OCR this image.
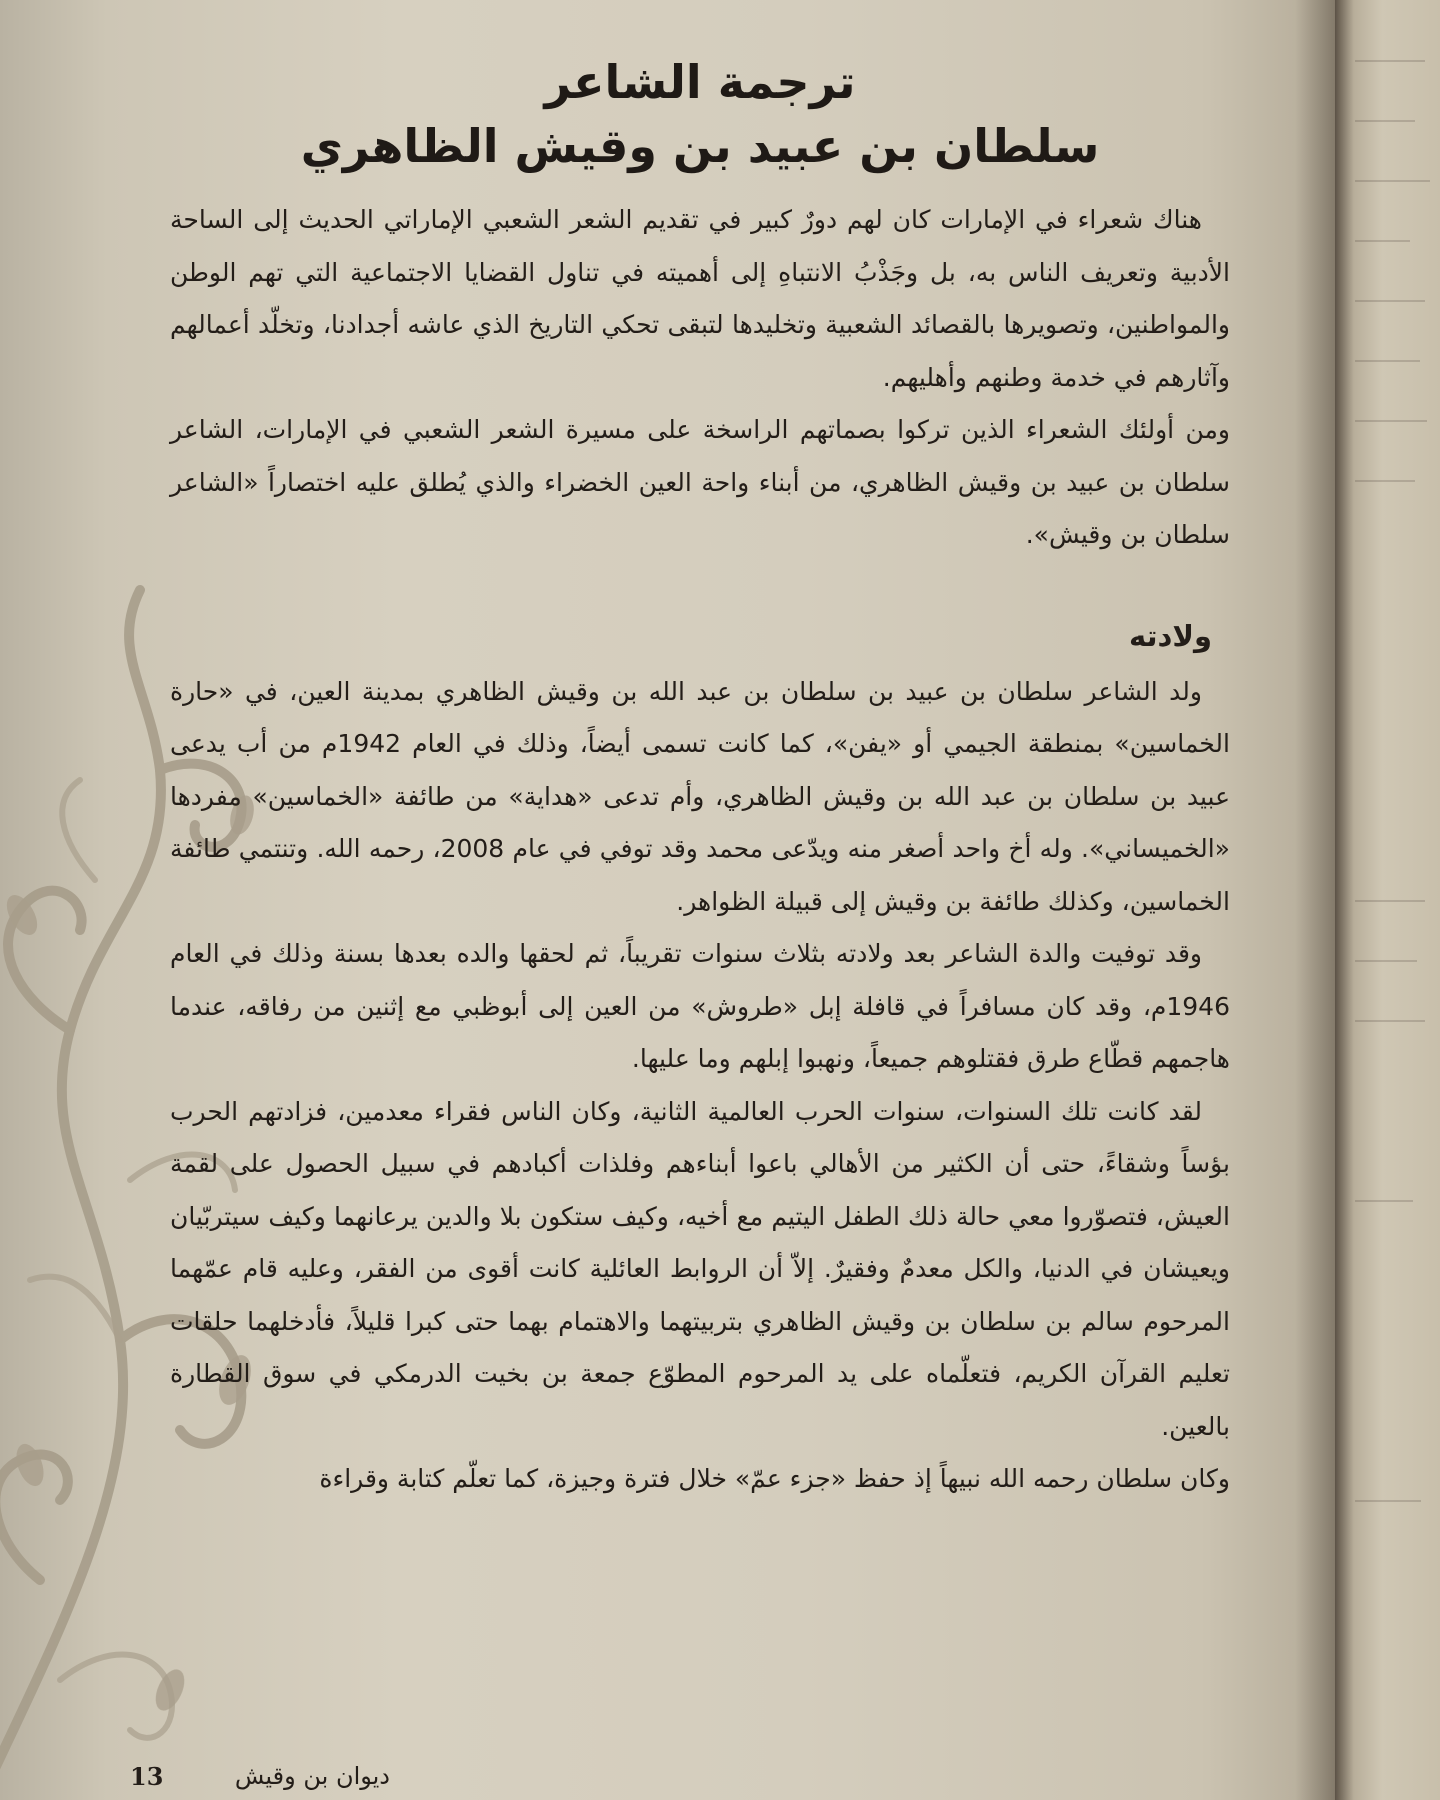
ترجمة الشاعر
سلطان بن عبيد بن وقيش الظاهري

هناك شعراء في الإمارات كان لهم دورٌ كبير في تقديم الشعر الشعبي الإماراتي الحديث إلى الساحة الأدبية وتعريف الناس به، بل وجَذْبُ الانتباهِ إلى أهميته في تناول القضايا الاجتماعية التي تهم الوطن والمواطنين، وتصويرها بالقصائد الشعبية وتخليدها لتبقى تحكي التاريخ الذي عاشه أجدادنا، وتخلّد أعمالهم وآثارهم في خدمة وطنهم وأهليهم.

ومن أولئك الشعراء الذين تركوا بصماتهم الراسخة على مسيرة الشعر الشعبي في الإمارات، الشاعر سلطان بن عبيد بن وقيش الظاهري، من أبناء واحة العين الخضراء والذي يُطلق عليه اختصاراً «الشاعر سلطان بن وقيش».

ولادته

ولد الشاعر سلطان بن عبيد بن سلطان بن عبد الله بن وقيش الظاهري بمدينة العين، في «حارة الخماسين» بمنطقة الجيمي أو «يفن»، كما كانت تسمى أيضاً، وذلك في العام 1942م من أب يدعى عبيد بن سلطان بن عبد الله بن وقيش الظاهري، وأم تدعى «هداية» من طائفة «الخماسين» مفردها «الخميساني». وله أخ واحد أصغر منه ويدّعى محمد وقد توفي في عام 2008، رحمه الله. وتنتمي طائفة الخماسين، وكذلك طائفة بن وقيش إلى قبيلة الظواهر.

وقد توفيت والدة الشاعر بعد ولادته بثلاث سنوات تقريباً، ثم لحقها والده بعدها بسنة وذلك في العام 1946م، وقد كان مسافراً في قافلة إبل «طروش» من العين إلى أبوظبي مع إثنين من رفاقه، عندما هاجمهم قطّاع طرق فقتلوهم جميعاً، ونهبوا إبلهم وما عليها.

لقد كانت تلك السنوات، سنوات الحرب العالمية الثانية، وكان الناس فقراء معدمين، فزادتهم الحرب بؤساً وشقاءً، حتى أن الكثير من الأهالي باعوا أبناءهم وفلذات أكبادهم في سبيل الحصول على لقمة العيش، فتصوّروا معي حالة ذلك الطفل اليتيم مع أخيه، وكيف ستكون بلا والدين يرعانهما وكيف سيتربّيان ويعيشان في الدنيا، والكل معدمٌ وفقيرٌ. إلاّ أن الروابط العائلية كانت أقوى من الفقر، وعليه قام عمّهما المرحوم سالم بن سلطان بن وقيش الظاهري بتربيتهما والاهتمام بهما حتى كبرا قليلاً، فأدخلهما حلقات تعليم القرآن الكريم، فتعلّماه على يد المرحوم المطوّع جمعة بن بخيت الدرمكي في سوق القطارة بالعين.

وكان سلطان رحمه الله نبيهاً إذ حفظ «جزء عمّ» خلال فترة وجيزة، كما تعلّم كتابة وقراءة

ديوان بن وقيش
13
